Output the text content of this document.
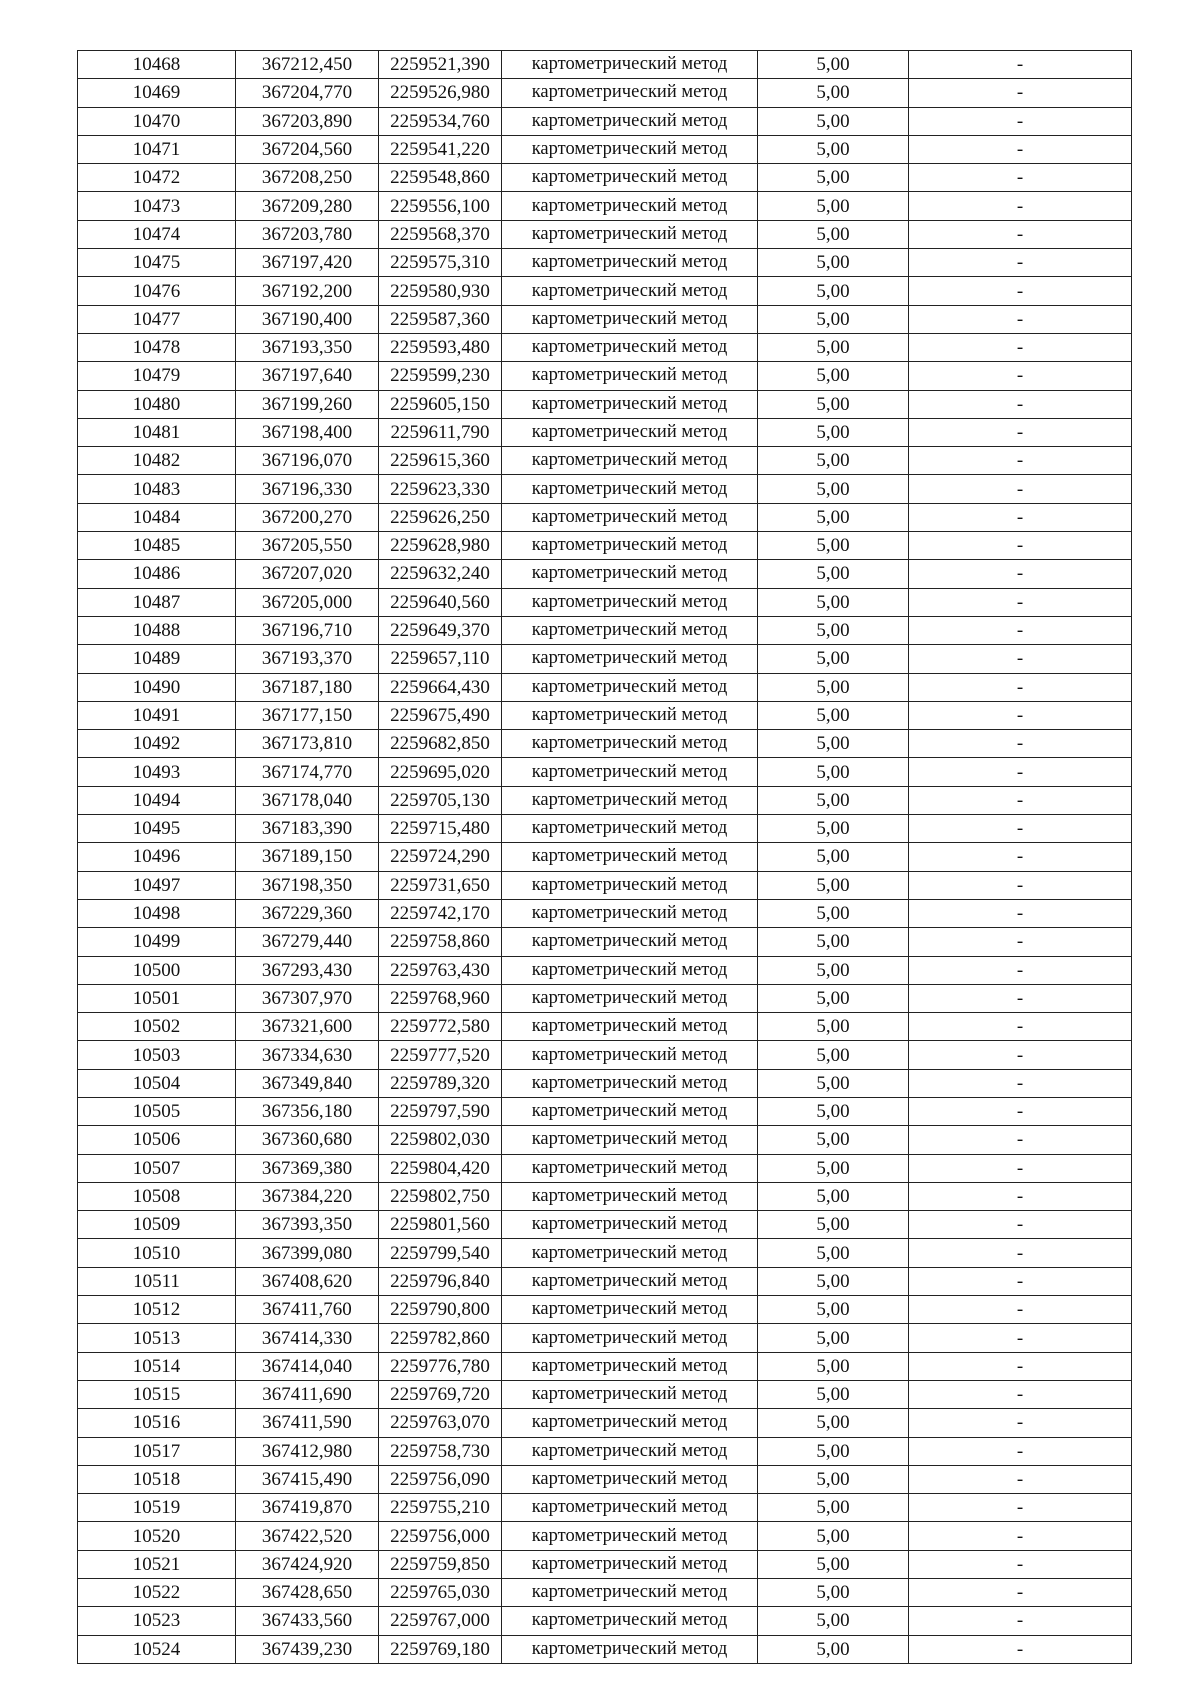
10468	367212,450	2259521,390	картометрический метод	5,00	-
10469	367204,770	2259526,980	картометрический метод	5,00	-
10470	367203,890	2259534,760	картометрический метод	5,00	-
10471	367204,560	2259541,220	картометрический метод	5,00	-
10472	367208,250	2259548,860	картометрический метод	5,00	-
10473	367209,280	2259556,100	картометрический метод	5,00	-
10474	367203,780	2259568,370	картометрический метод	5,00	-
10475	367197,420	2259575,310	картометрический метод	5,00	-
10476	367192,200	2259580,930	картометрический метод	5,00	-
10477	367190,400	2259587,360	картометрический метод	5,00	-
10478	367193,350	2259593,480	картометрический метод	5,00	-
10479	367197,640	2259599,230	картометрический метод	5,00	-
10480	367199,260	2259605,150	картометрический метод	5,00	-
10481	367198,400	2259611,790	картометрический метод	5,00	-
10482	367196,070	2259615,360	картометрический метод	5,00	-
10483	367196,330	2259623,330	картометрический метод	5,00	-
10484	367200,270	2259626,250	картометрический метод	5,00	-
10485	367205,550	2259628,980	картометрический метод	5,00	-
10486	367207,020	2259632,240	картометрический метод	5,00	-
10487	367205,000	2259640,560	картометрический метод	5,00	-
10488	367196,710	2259649,370	картометрический метод	5,00	-
10489	367193,370	2259657,110	картометрический метод	5,00	-
10490	367187,180	2259664,430	картометрический метод	5,00	-
10491	367177,150	2259675,490	картометрический метод	5,00	-
10492	367173,810	2259682,850	картометрический метод	5,00	-
10493	367174,770	2259695,020	картометрический метод	5,00	-
10494	367178,040	2259705,130	картометрический метод	5,00	-
10495	367183,390	2259715,480	картометрический метод	5,00	-
10496	367189,150	2259724,290	картометрический метод	5,00	-
10497	367198,350	2259731,650	картометрический метод	5,00	-
10498	367229,360	2259742,170	картометрический метод	5,00	-
10499	367279,440	2259758,860	картометрический метод	5,00	-
10500	367293,430	2259763,430	картометрический метод	5,00	-
10501	367307,970	2259768,960	картометрический метод	5,00	-
10502	367321,600	2259772,580	картометрический метод	5,00	-
10503	367334,630	2259777,520	картометрический метод	5,00	-
10504	367349,840	2259789,320	картометрический метод	5,00	-
10505	367356,180	2259797,590	картометрический метод	5,00	-
10506	367360,680	2259802,030	картометрический метод	5,00	-
10507	367369,380	2259804,420	картометрический метод	5,00	-
10508	367384,220	2259802,750	картометрический метод	5,00	-
10509	367393,350	2259801,560	картометрический метод	5,00	-
10510	367399,080	2259799,540	картометрический метод	5,00	-
10511	367408,620	2259796,840	картометрический метод	5,00	-
10512	367411,760	2259790,800	картометрический метод	5,00	-
10513	367414,330	2259782,860	картометрический метод	5,00	-
10514	367414,040	2259776,780	картометрический метод	5,00	-
10515	367411,690	2259769,720	картометрический метод	5,00	-
10516	367411,590	2259763,070	картометрический метод	5,00	-
10517	367412,980	2259758,730	картометрический метод	5,00	-
10518	367415,490	2259756,090	картометрический метод	5,00	-
10519	367419,870	2259755,210	картометрический метод	5,00	-
10520	367422,520	2259756,000	картометрический метод	5,00	-
10521	367424,920	2259759,850	картометрический метод	5,00	-
10522	367428,650	2259765,030	картометрический метод	5,00	-
10523	367433,560	2259767,000	картометрический метод	5,00	-
10524	367439,230	2259769,180	картометрический метод	5,00	-
